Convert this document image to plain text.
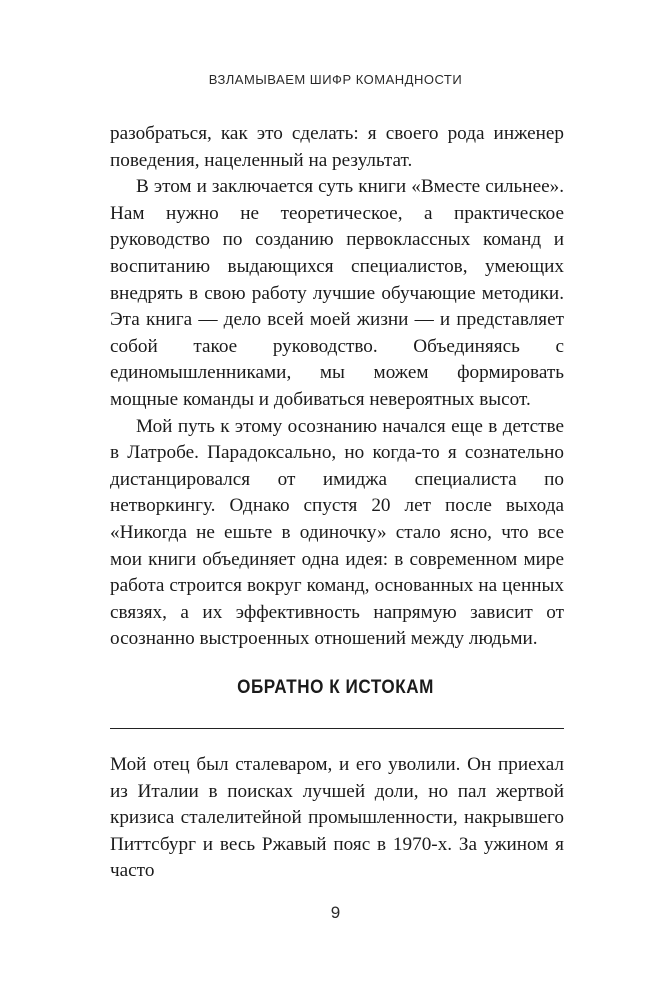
ВЗЛАМЫВАЕМ ШИФР КОМАНДНОСТИ

разобраться, как это сделать: я своего рода инженер поведения, нацеленный на результат.

В этом и заключается суть книги «Вместе сильнее». Нам нужно не теоретическое, а практическое руководство по созданию первоклассных команд и воспитанию выдающихся специалистов, умеющих внедрять в свою работу лучшие обучающие методики. Эта книга — дело всей моей жизни — и представляет собой такое руководство. Объединяясь с единомышленниками, мы можем формировать мощные команды и добиваться невероятных высот.

Мой путь к этому осознанию начался еще в детстве в Латробе. Парадоксально, но когда-то я сознательно дистанцировался от имиджа специалиста по нетворкингу. Однако спустя 20 лет после выхода «Никогда не ешьте в одиночку» стало ясно, что все мои книги объединяет одна идея: в современном мире работа строится вокруг команд, основанных на ценных связях, а их эффективность напрямую зависит от осознанно выстроенных отношений между людьми.

ОБРАТНО К ИСТОКАМ

Мой отец был сталеваром, и его уволили. Он приехал из Италии в поисках лучшей доли, но пал жертвой кризиса сталелитейной промышленности, накрывшего Питтсбург и весь Ржавый пояс в 1970-х. За ужином я часто

9
